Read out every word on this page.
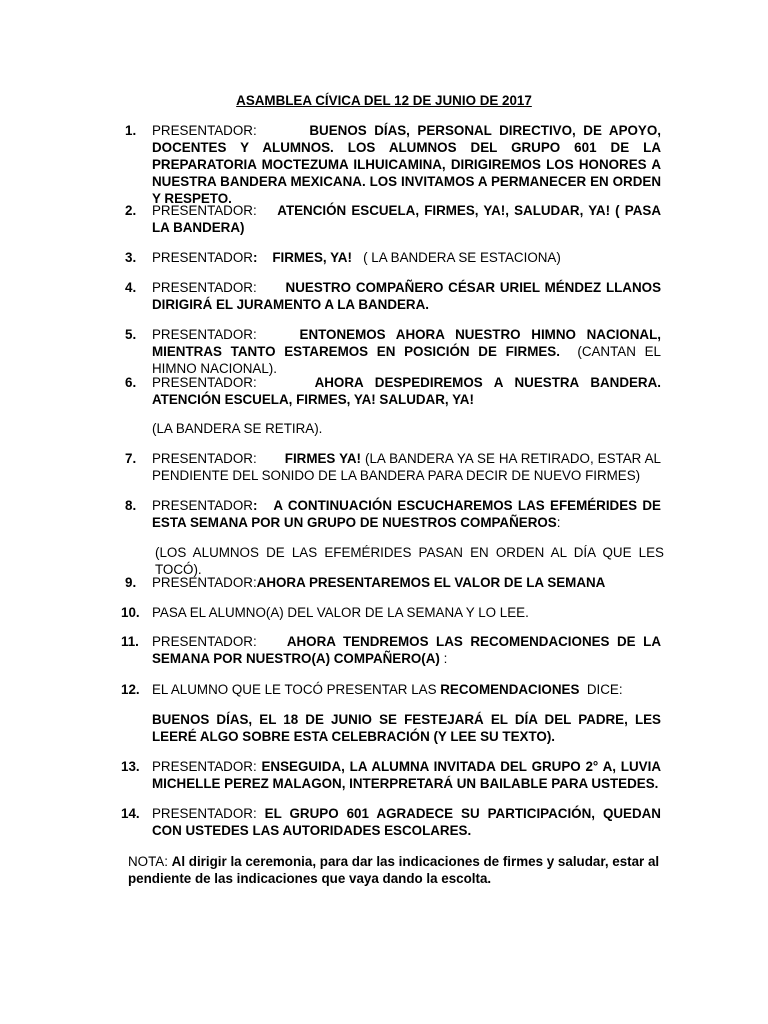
ASAMBLEA CÍVICA DEL 12 DE JUNIO DE 2017
1.	PRESENTADOR:	BUENOS DÍAS, PERSONAL DIRECTIVO, DE APOYO, DOCENTES Y ALUMNOS. LOS ALUMNOS DEL GRUPO 601 DE LA PREPARATORIA MOCTEZUMA ILHUICAMINA, DIRIGIREMOS LOS HONORES A NUESTRA BANDERA MEXICANA. LOS INVITAMOS A PERMANECER EN ORDEN Y RESPETO.
2.	PRESENTADOR: ATENCIÓN ESCUELA, FIRMES, YA!, SALUDAR, YA! ( PASA LA BANDERA)
3.	PRESENTADOR: FIRMES, YA! ( LA BANDERA SE ESTACIONA)
4.	PRESENTADOR: NUESTRO COMPAÑERO CÉSAR URIEL MÉNDEZ LLANOS DIRIGIRÁ EL JURAMENTO A LA BANDERA.
5.	PRESENTADOR:	ENTONEMOS AHORA NUESTRO HIMNO NACIONAL, MIENTRAS TANTO ESTAREMOS EN POSICIÓN DE FIRMES. (CANTAN EL HIMNO NACIONAL).
6.	PRESENTADOR:	AHORA DESPEDIREMOS A NUESTRA BANDERA. ATENCIÓN ESCUELA, FIRMES, YA! SALUDAR, YA!
(LA BANDERA SE RETIRA).
7.	PRESENTADOR: FIRMES YA! (LA BANDERA YA SE HA RETIRADO, ESTAR AL PENDIENTE DEL SONIDO DE LA BANDERA PARA DECIR DE NUEVO FIRMES)
8.	PRESENTADOR: A CONTINUACIÓN ESCUCHAREMOS LAS EFEMÉRIDES DE ESTA SEMANA POR UN GRUPO DE NUESTROS COMPAÑEROS:
(LOS ALUMNOS DE LAS EFEMÉRIDES PASAN EN ORDEN AL DÍA QUE LES TOCÓ).
9.	PRESENTADOR:AHORA PRESENTAREMOS EL VALOR DE LA SEMANA
10. PASA EL ALUMNO(A) DEL VALOR DE LA SEMANA Y LO LEE.
11. PRESENTADOR: AHORA TENDREMOS LAS RECOMENDACIONES DE LA SEMANA POR NUESTRO(A) COMPAÑERO(A) :
12. EL ALUMNO QUE LE TOCÓ PRESENTAR LAS RECOMENDACIONES DICE:
BUENOS DÍAS, EL 18 DE JUNIO SE FESTEJARÁ EL DÍA DEL PADRE, LES LEERÉ ALGO SOBRE ESTA CELEBRACIÓN (Y LEE SU TEXTO).
13. PRESENTADOR: ENSEGUIDA, LA ALUMNA INVITADA DEL GRUPO 2° A, LUVIA MICHELLE PEREZ MALAGON, INTERPRETARÁ UN BAILABLE PARA USTEDES.
14. PRESENTADOR: EL GRUPO 601 AGRADECE SU PARTICIPACIÓN, QUEDAN CON USTEDES LAS AUTORIDADES ESCOLARES.
NOTA: Al dirigir la ceremonia, para dar las indicaciones de firmes y saludar, estar al pendiente de las indicaciones que vaya dando la escolta.
